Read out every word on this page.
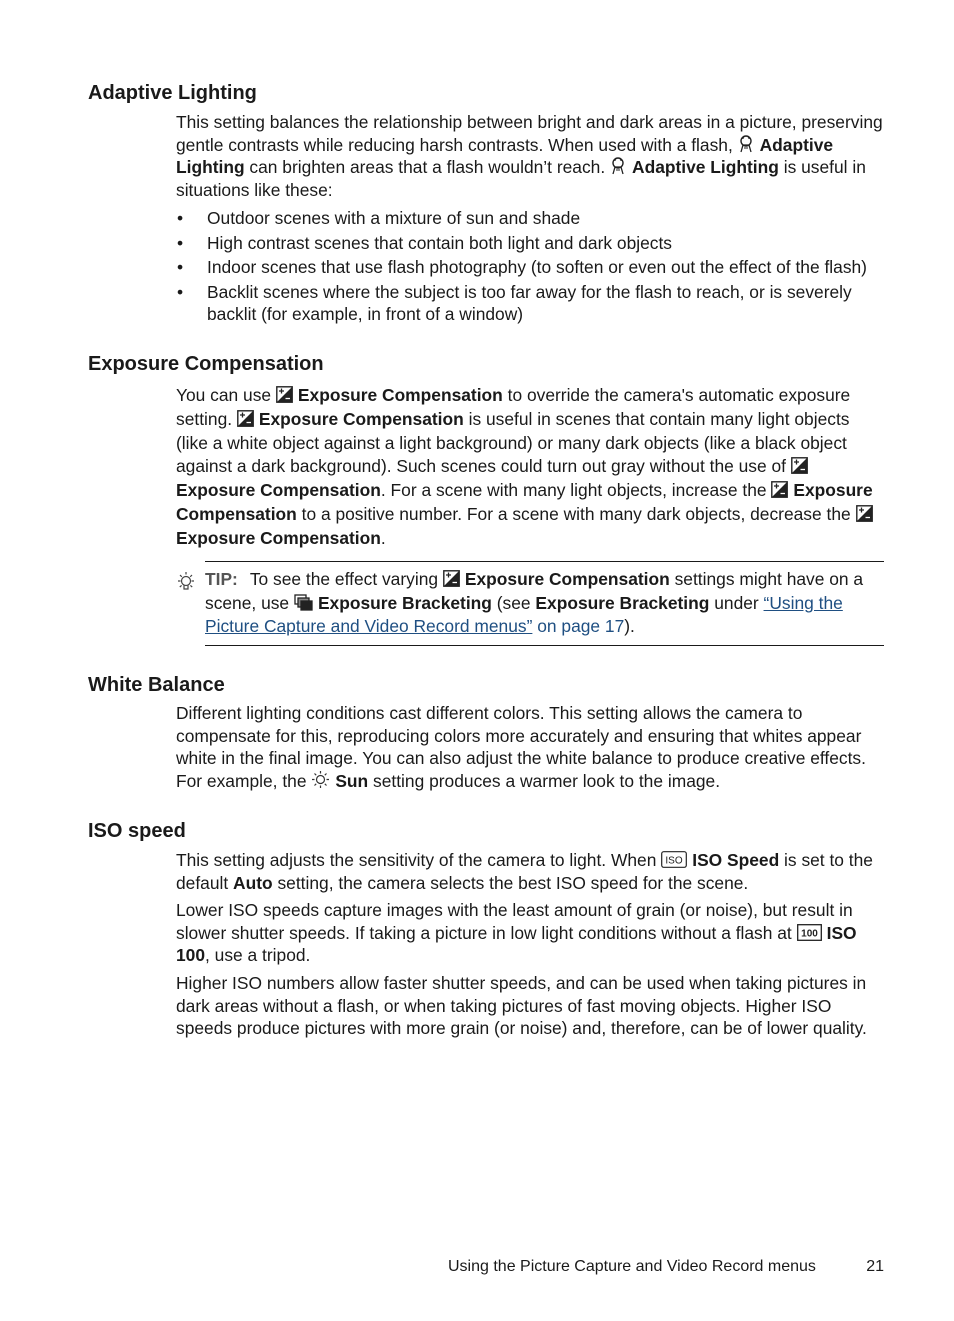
Adaptive Lighting

This setting balances the relationship between bright and dark areas in a picture, preserving gentle contrasts while reducing harsh contrasts. When used with a flash,
Adaptive Lighting can brighten areas that a flash wouldn’t reach.
Adaptive Lighting is useful in situations like these:

• Outdoor scenes with a mixture of sun and shade
• High contrast scenes that contain both light and dark objects
• Indoor scenes that use flash photography (to soften or even out the effect of the flash)
• Backlit scenes where the subject is too far away for the flash to reach, or is severely backlit (for example, in front of a window)
Exposure Compensation

You can use
Exposure Compensation to override the camera's automatic exposure setting.
Exposure Compensation is useful in scenes that contain many light objects (like a white object against a light background) or many dark objects (like a black object against a dark background). Such scenes could turn out gray without the use of
Exposure Compensation. For a scene with many light objects, increase the
Exposure Compensation to a positive number. For a scene with many dark objects, decrease the
Exposure Compensation.

TIP: To see the effect varying
Exposure Compensation settings might have on a scene, use
Exposure Bracketing (see Exposure Bracketing under “Using the Picture Capture and Video Record menus” on page 17).
White Balance

Different lighting conditions cast different colors. This setting allows the camera to compensate for this, reproducing colors more accurately and ensuring that whites appear white in the final image. You can also adjust the white balance to produce creative effects. For example, the
Sun setting produces a warmer look to the image.

ISO speed

This setting adjusts the sensitivity of the camera to light. When ISO ISO Speed is set to the default Auto setting, the camera selects the best ISO speed for the scene.

Lower ISO speeds capture images with the least amount of grain (or noise), but result in slower shutter speeds. If taking a picture in low light conditions without a flash at 100 ISO 100, use a tripod.

Higher ISO numbers allow faster shutter speeds, and can be used when taking pictures in dark areas without a flash, or when taking pictures of fast moving objects. Higher ISO speeds produce pictures with more grain (or noise) and, therefore, can be of lower quality.

Using the Picture Capture and Video Record menus	21
